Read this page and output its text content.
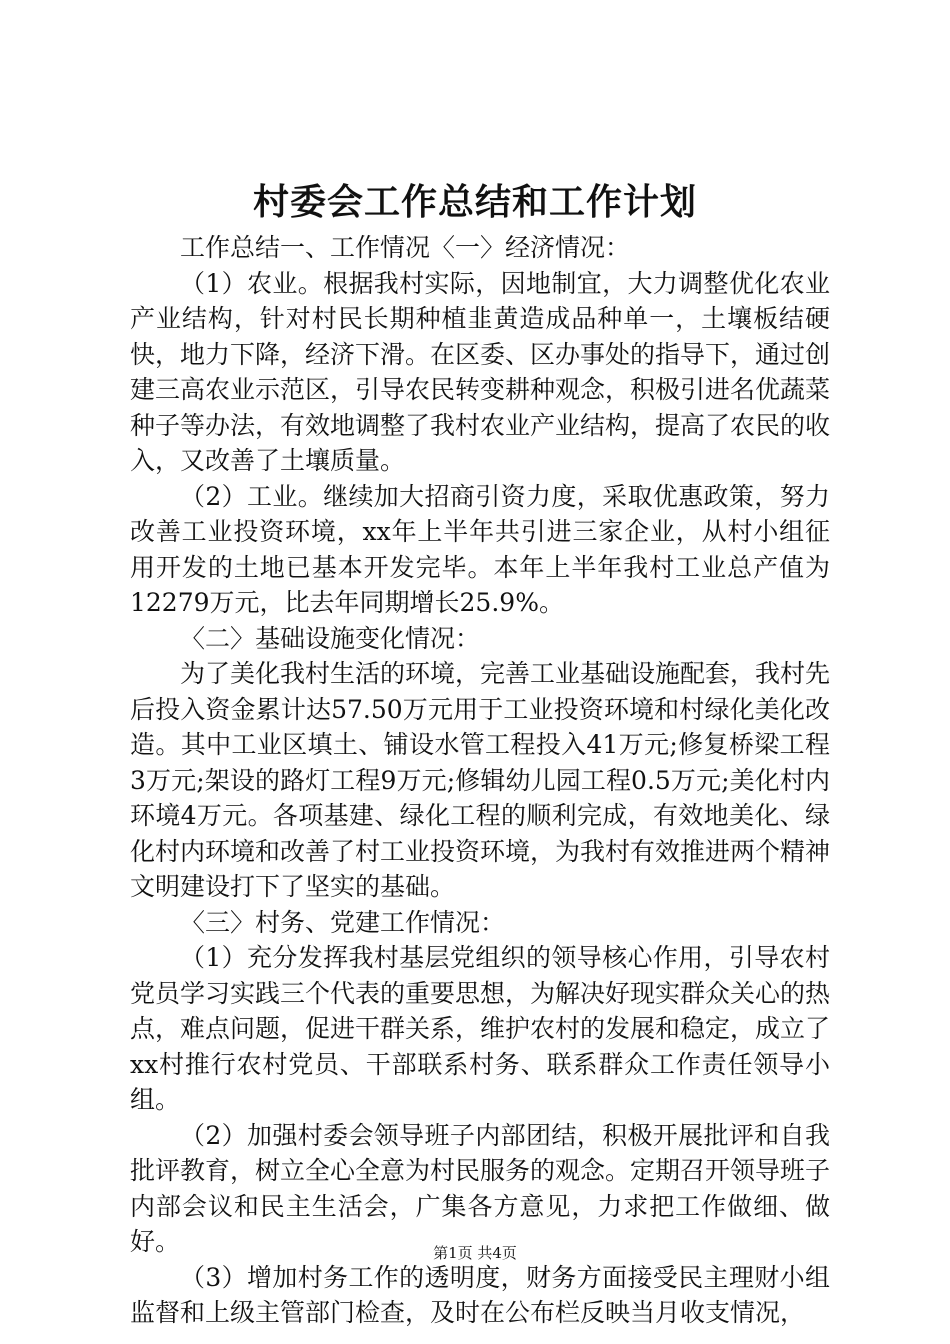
村委会工作总结和工作计划

工作总结一、工作情况〈一〉经济情况：

（1）农业。根据我村实际，因地制宜，大力调整优化农业产业结构，针对村民长期种植韭黄造成品种单一，土壤板结硬快，地力下降，经济下滑。在区委、区办事处的指导下，通过创建三高农业示范区，引导农民转变耕种观念，积极引进名优蔬菜种子等办法，有效地调整了我村农业产业结构，提高了农民的收入，又改善了土壤质量。

（2）工业。继续加大招商引资力度，采取优惠政策，努力改善工业投资环境，xx年上半年共引进三家企业，从村小组征用开发的土地已基本开发完毕。本年上半年我村工业总产值为12279万元，比去年同期增长25.9%。

〈二〉基础设施变化情况：

为了美化我村生活的环境，完善工业基础设施配套，我村先后投入资金累计达57.50万元用于工业投资环境和村绿化美化改造。其中工业区填土、铺设水管工程投入41万元;修复桥梁工程3万元;架设的路灯工程9万元;修辑幼儿园工程0.5万元;美化村内环境4万元。各项基建、绿化工程的顺利完成，有效地美化、绿化村内环境和改善了村工业投资环境，为我村有效推进两个精神文明建设打下了坚实的基础。

〈三〉村务、党建工作情况：

（1）充分发挥我村基层党组织的领导核心作用，引导农村党员学习实践三个代表的重要思想，为解决好现实群众关心的热点，难点问题，促进干群关系，维护农村的发展和稳定，成立了xx村推行农村党员、干部联系村务、联系群众工作责任领导小组。

（2）加强村委会领导班子内部团结，积极开展批评和自我批评教育，树立全心全意为村民服务的观念。定期召开领导班子内部会议和民主生活会，广集各方意见，力求把工作做细、做好。

（3）增加村务工作的透明度，财务方面接受民主理财小组监督和上级主管部门检查，及时在公布栏反映当月收支情况，

第1页 共4页
